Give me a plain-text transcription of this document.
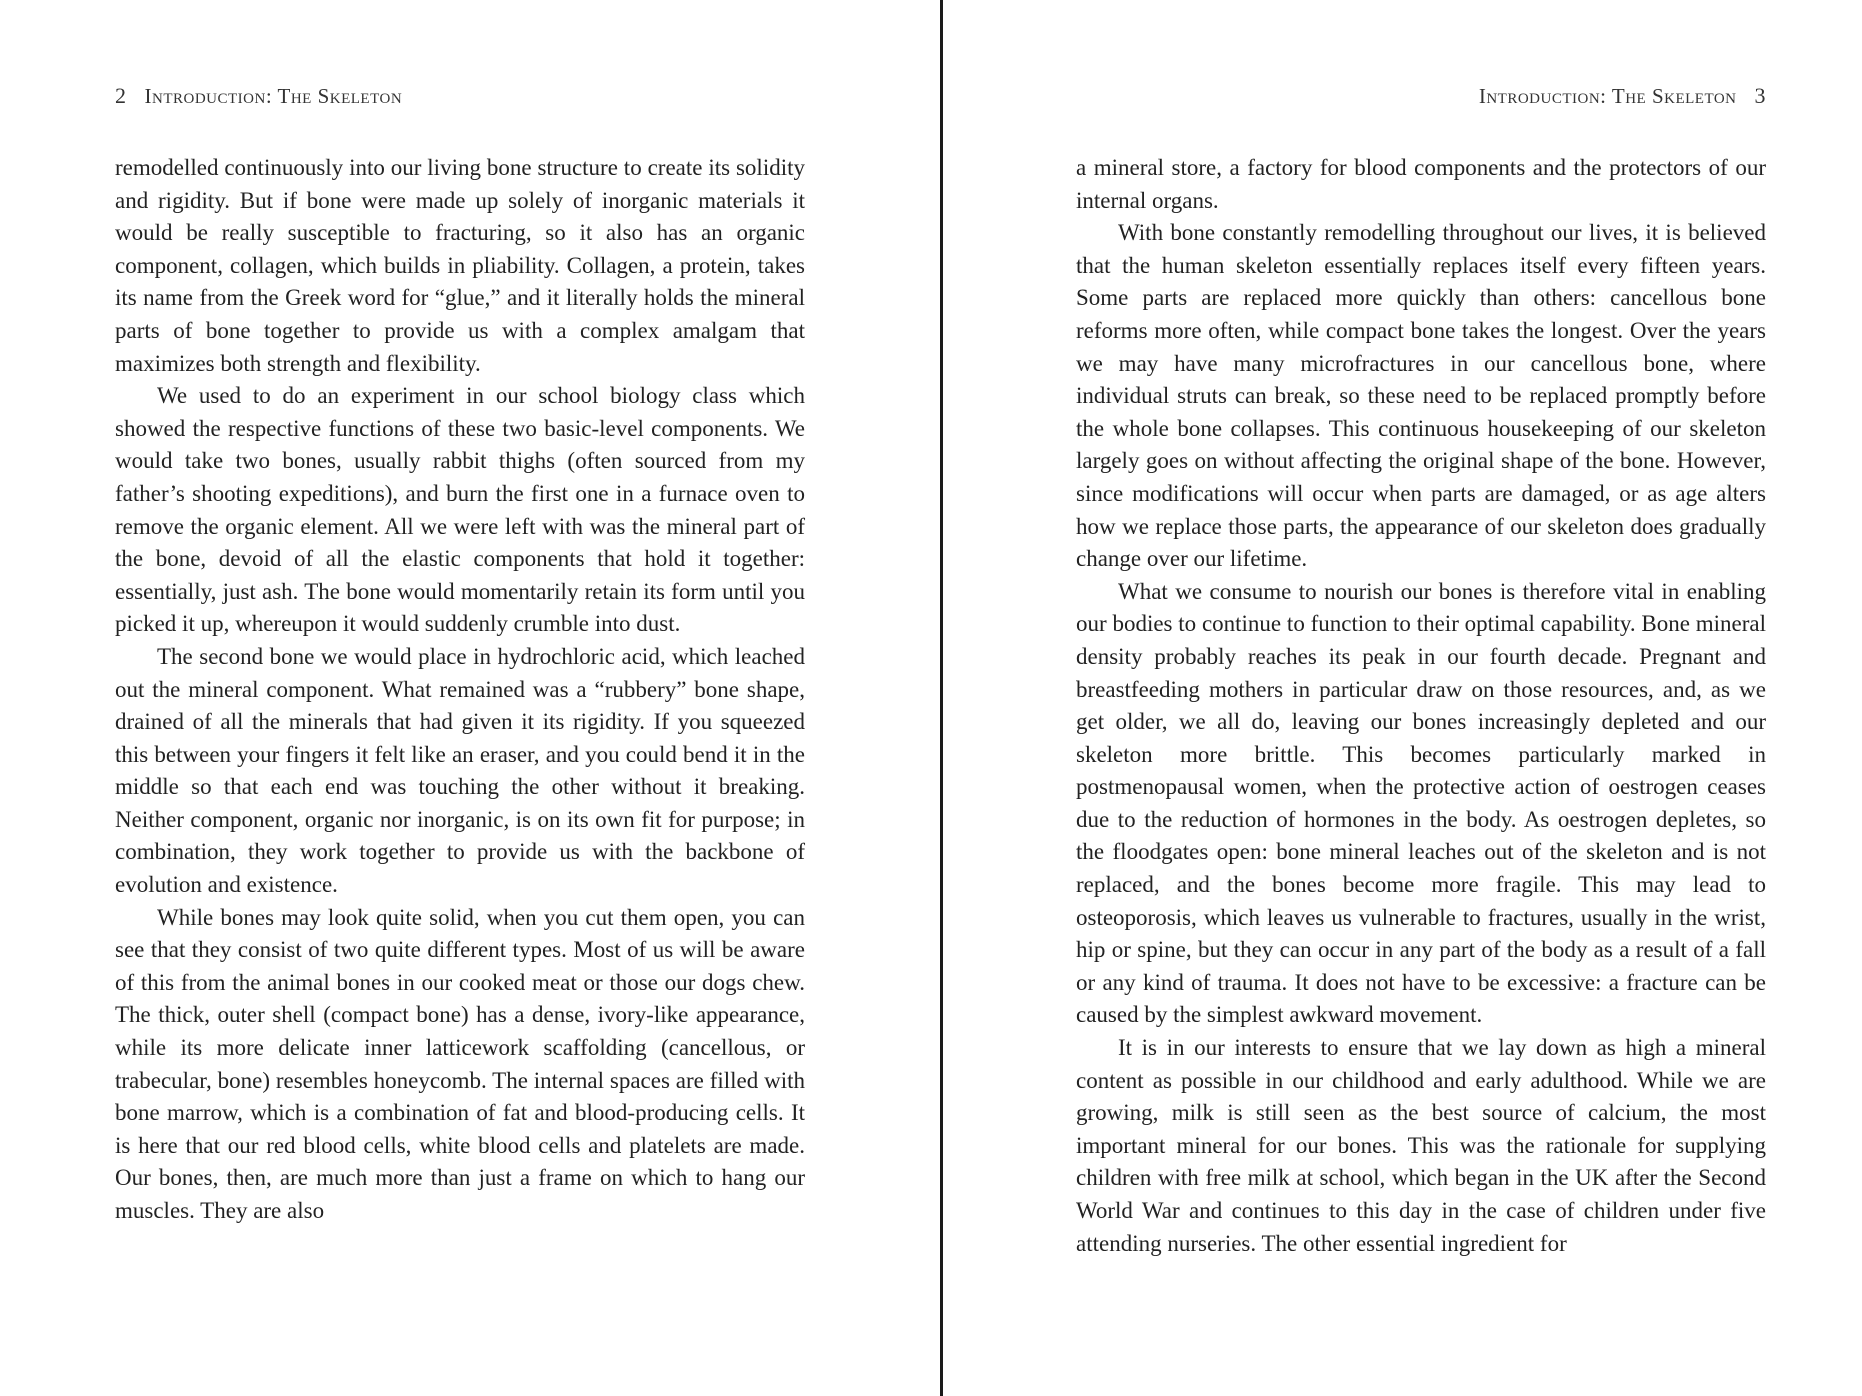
2 Introduction: The Skeleton

remodelled continuously into our living bone structure to create its solidity and rigidity. But if bone were made up solely of inorganic materials it would be really susceptible to fracturing, so it also has an organic component, collagen, which builds in pliability. Collagen, a protein, takes its name from the Greek word for “glue,” and it literally holds the mineral parts of bone together to provide us with a complex amalgam that maximizes both strength and flexibility.

We used to do an experiment in our school biology class which showed the respective functions of these two basic-level components. We would take two bones, usually rabbit thighs (often sourced from my father’s shooting expeditions), and burn the first one in a furnace oven to remove the organic element. All we were left with was the mineral part of the bone, devoid of all the elastic components that hold it together: essentially, just ash. The bone would momentarily retain its form until you picked it up, whereupon it would suddenly crumble into dust.

The second bone we would place in hydrochloric acid, which leached out the mineral component. What remained was a “rubbery” bone shape, drained of all the minerals that had given it its rigidity. If you squeezed this between your fingers it felt like an eraser, and you could bend it in the middle so that each end was touching the other without it breaking. Neither component, organic nor inorganic, is on its own fit for purpose; in combination, they work together to provide us with the backbone of evolution and existence.

While bones may look quite solid, when you cut them open, you can see that they consist of two quite different types. Most of us will be aware of this from the animal bones in our cooked meat or those our dogs chew. The thick, outer shell (compact bone) has a dense, ivory-like appearance, while its more delicate inner latticework scaffolding (cancellous, or trabecular, bone) resembles honeycomb. The internal spaces are filled with bone marrow, which is a combination of fat and blood-producing cells. It is here that our red blood cells, white blood cells and platelets are made. Our bones, then, are much more than just a frame on which to hang our muscles. They are also

Introduction: The Skeleton 3

a mineral store, a factory for blood components and the protectors of our internal organs.

With bone constantly remodelling throughout our lives, it is believed that the human skeleton essentially replaces itself every fifteen years. Some parts are replaced more quickly than others: cancellous bone reforms more often, while compact bone takes the longest. Over the years we may have many microfractures in our cancellous bone, where individual struts can break, so these need to be replaced promptly before the whole bone collapses. This continuous housekeeping of our skeleton largely goes on without affecting the original shape of the bone. However, since modifications will occur when parts are damaged, or as age alters how we replace those parts, the appearance of our skeleton does gradually change over our lifetime.

What we consume to nourish our bones is therefore vital in enabling our bodies to continue to function to their optimal capability. Bone mineral density probably reaches its peak in our fourth decade. Pregnant and breastfeeding mothers in particular draw on those resources, and, as we get older, we all do, leaving our bones increasingly depleted and our skeleton more brittle. This becomes particularly marked in postmenopausal women, when the protective action of oestrogen ceases due to the reduction of hormones in the body. As oestrogen depletes, so the floodgates open: bone mineral leaches out of the skeleton and is not replaced, and the bones become more fragile. This may lead to osteoporosis, which leaves us vulnerable to fractures, usually in the wrist, hip or spine, but they can occur in any part of the body as a result of a fall or any kind of trauma. It does not have to be excessive: a fracture can be caused by the simplest awkward movement.

It is in our interests to ensure that we lay down as high a mineral content as possible in our childhood and early adulthood. While we are growing, milk is still seen as the best source of calcium, the most important mineral for our bones. This was the rationale for supplying children with free milk at school, which began in the UK after the Second World War and continues to this day in the case of children under five attending nurseries. The other essential ingredient for
